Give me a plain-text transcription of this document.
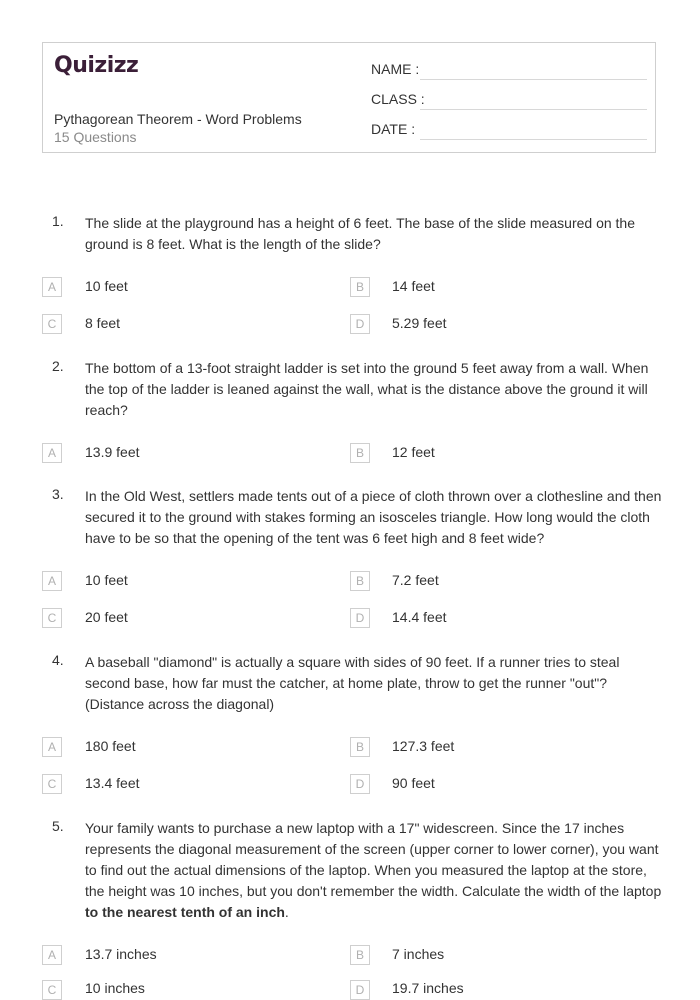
Quizizz
Pythagorean Theorem - Word Problems
15 Questions
NAME :
CLASS :
DATE :
1. The slide at the playground has a height of 6 feet. The base of the slide measured on the ground is 8 feet. What is the length of the slide?
A	10 feet	B	14 feet
C	8 feet	D	5.29 feet
2. The bottom of a 13-foot straight ladder is set into the ground 5 feet away from a wall. When the top of the ladder is leaned against the wall, what is the distance above the ground it will reach?
A	13.9 feet	B	12 feet
3. In the Old West, settlers made tents out of a piece of cloth thrown over a clothesline and then secured it to the ground with stakes forming an isosceles triangle. How long would the cloth have to be so that the opening of the tent was 6 feet high and 8 feet wide?
A	10 feet	B	7.2 feet
C	20 feet	D	14.4 feet
4. A baseball "diamond" is actually a square with sides of 90 feet. If a runner tries to steal second base, how far must the catcher, at home plate, throw to get the runner "out"? (Distance across the diagonal)
A	180 feet	B	127.3 feet
C	13.4 feet	D	90 feet
5. Your family wants to purchase a new laptop with a 17" widescreen. Since the 17 inches represents the diagonal measurement of the screen (upper corner to lower corner), you want to find out the actual dimensions of the laptop. When you measured the laptop at the store, the height was 10 inches, but you don't remember the width. Calculate the width of the laptop to the nearest tenth of an inch.
A	13.7 inches	B	7 inches
C	10 inches	D	19.7 inches
